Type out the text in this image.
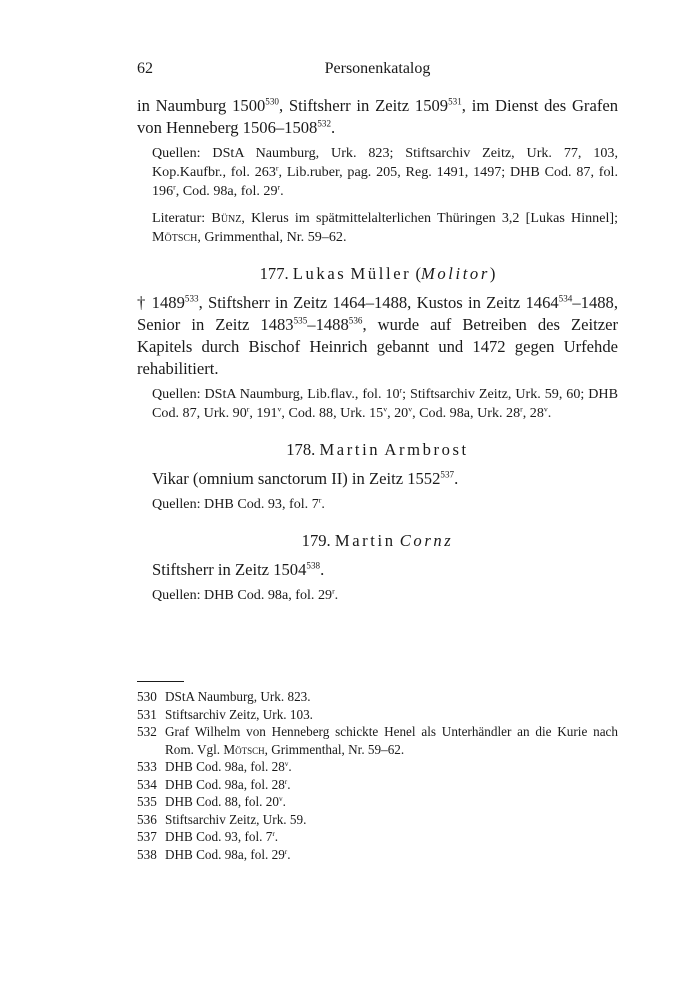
62	Personenkatalog

in Naumburg 1500$^{530}$, Stiftsherr in Zeitz 1509$^{531}$, im Dienst des Grafen von Henneberg 1506–1508$^{532}$.

Quellen: DStA Naumburg, Urk. 823; Stiftsarchiv Zeitz, Urk. 77, 103, Kop.Kaufbr., fol. 263$^r$, Lib.ruber, pag. 205, Reg. 1491, 1497; DHB Cod. 87, fol. 196$^r$, Cod. 98a, fol. 29$^r$.

Literatur: Bünz, Klerus im spätmittelalterlichen Thüringen 3,2 [Lukas Hinnel]; Mötsch, Grimmenthal, Nr. 59–62.

177. Lukas Müller (Molitor)

† 1489$^{533}$, Stiftsherr in Zeitz 1464–1488, Kustos in Zeitz 1464$^{534}$–1488, Senior in Zeitz 1483$^{535}$–1488$^{536}$, wurde auf Betreiben des Zeitzer Kapitels durch Bischof Heinrich gebannt und 1472 gegen Urfehde rehabilitiert.

Quellen: DStA Naumburg, Lib.flav., fol. 10$^r$; Stiftsarchiv Zeitz, Urk. 59, 60; DHB Cod. 87, Urk. 90$^r$, 191$^v$, Cod. 88, Urk. 15$^v$, 20$^v$, Cod. 98a, Urk. 28$^r$, 28$^v$.

178. Martin Armbrost

Vikar (omnium sanctorum II) in Zeitz 1552$^{537}$.

Quellen: DHB Cod. 93, fol. 7$^r$.

179. Martin Cornz

Stiftsherr in Zeitz 1504$^{538}$.

Quellen: DHB Cod. 98a, fol. 29$^r$.

530 DStA Naumburg, Urk. 823.
531 Stiftsarchiv Zeitz, Urk. 103.
532 Graf Wilhelm von Henneberg schickte Henel als Unterhändler an die Kurie nach Rom. Vgl. Mötsch, Grimmenthal, Nr. 59–62.
533 DHB Cod. 98a, fol. 28$^v$.
534 DHB Cod. 98a, fol. 28$^r$.
535 DHB Cod. 88, fol. 20$^v$.
536 Stiftsarchiv Zeitz, Urk. 59.
537 DHB Cod. 93, fol. 7$^r$.
538 DHB Cod. 98a, fol. 29$^r$.
